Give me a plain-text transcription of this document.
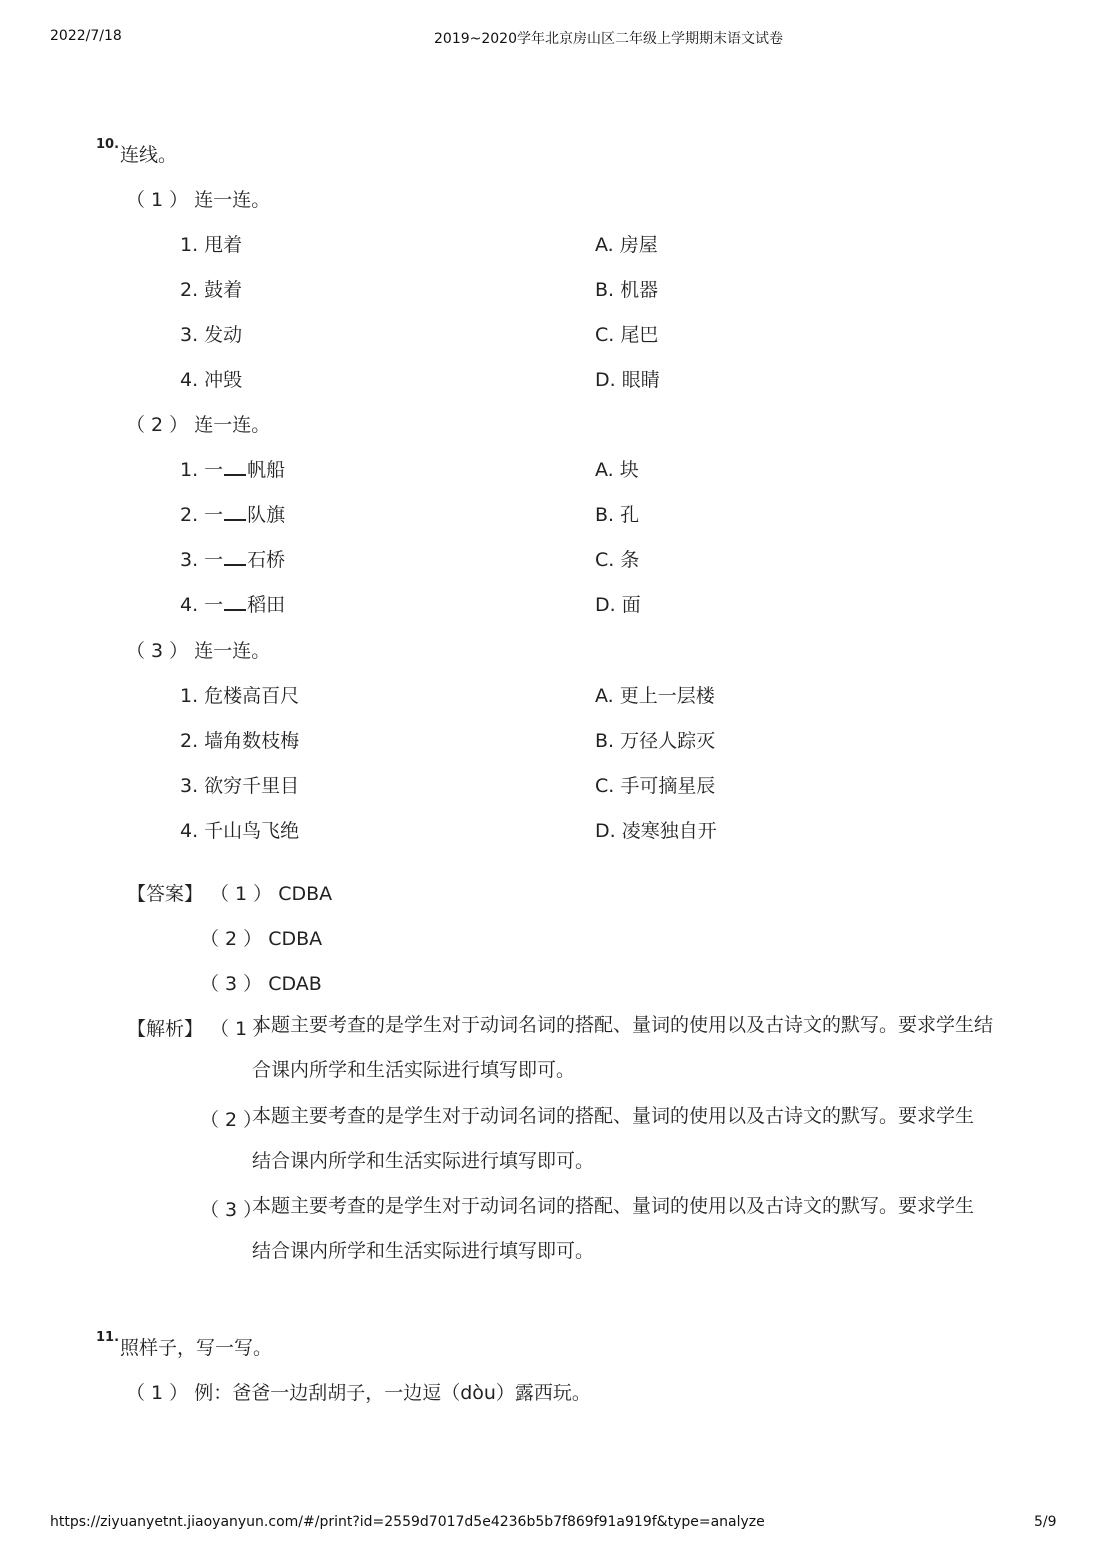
2022/7/18	2019~2020学年北京房山区二年级上学期期末语文试卷
10. 连线。
（ 1 ） 连一连。
1. 甩着
2. 鼓着
3. 发动
4. 冲毁
A. 房屋
B. 机器
C. 尾巴
D. 眼睛
（ 2 ） 连一连。
1. 一 帆船
2. 一 队旗
3. 一 石桥
4. 一 稻田
A. 块
B. 孔
C. 条
D. 面
（ 3 ） 连一连。
1. 危楼高百尺
2. 墙角数枝梅
3. 欲穷千里目
4. 千山鸟飞绝
A. 更上一层楼
B. 万径人踪灭
C. 手可摘星辰
D. 凌寒独自开
【答案】 （ 1 ） CDBA
（ 2 ） CDBA
（ 3 ） CDAB
【解析】 （ 1 ）
本题主要考查的是学生对于动词名词的搭配、量词的使用以及古诗文的默写。要求学生结合课内所学和生活实际进行填写即可。
（ 2 ）
本题主要考查的是学生对于动词名词的搭配、量词的使用以及古诗文的默写。要求学生结合课内所学和生活实际进行填写即可。
（ 3 ）
本题主要考查的是学生对于动词名词的搭配、量词的使用以及古诗文的默写。要求学生结合课内所学和生活实际进行填写即可。
11. 照样子，写一写。
（ 1 ） 例：爸爸一边刮胡子，一边逗（dòu）露西玩。
https://ziyuanyetnt.jiaoyanyun.com/#/print?id=2559d7017d5e4236b5b7f869f91a919f&type=analyze	5/9
